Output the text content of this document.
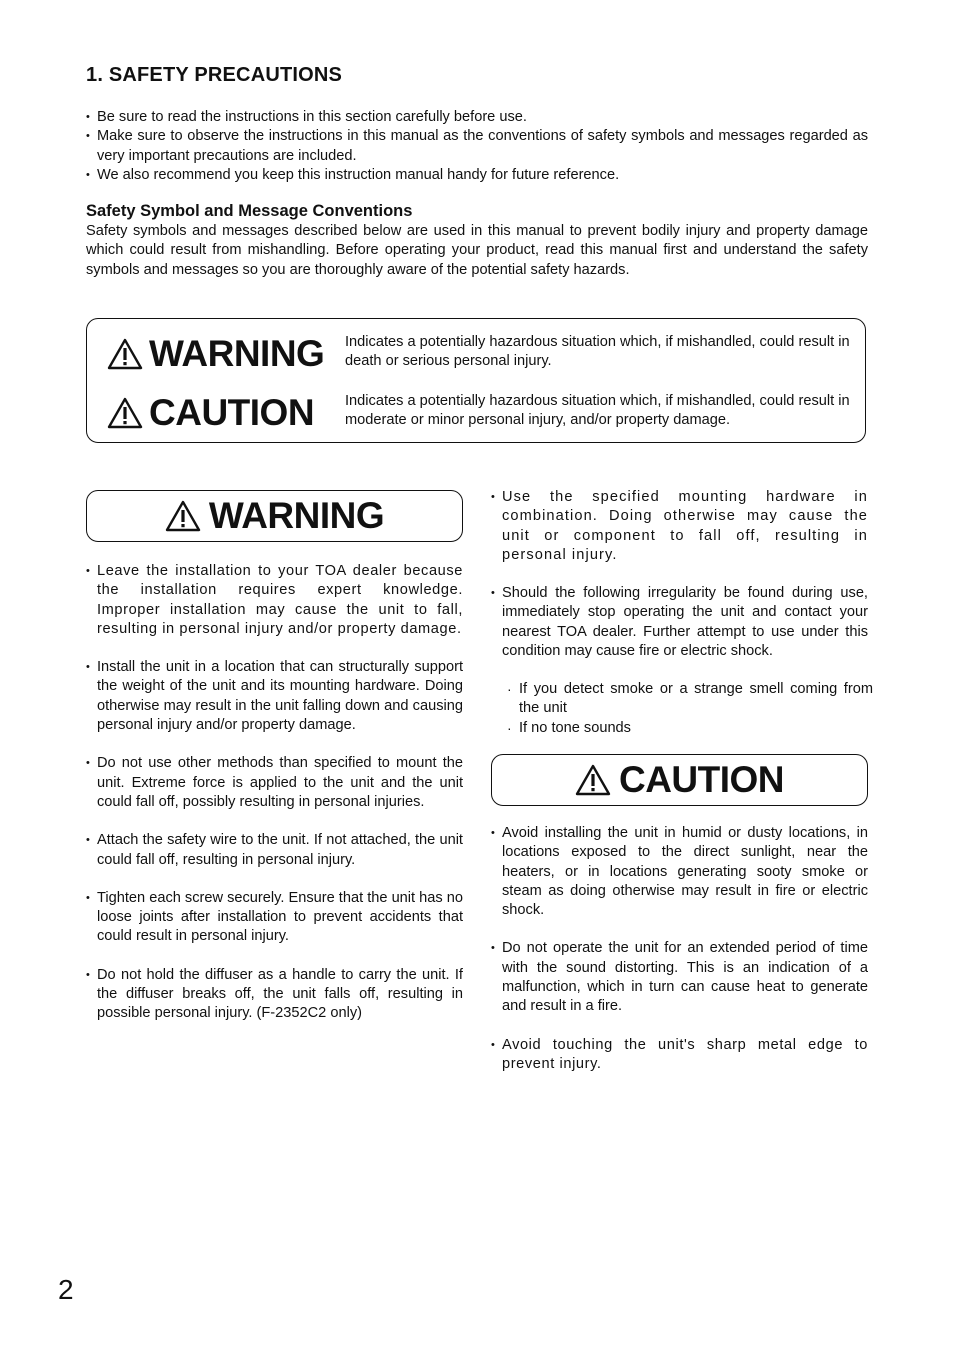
1. SAFETY PRECAUTIONS
• Be sure to read the instructions in this section carefully before use.
• Make sure to observe the instructions in this manual as the conventions of safety symbols and messages regarded as very important precautions are included.
• We also recommend you keep this instruction manual handy for future reference.
Safety Symbol and Message Conventions

Safety symbols and messages described below are used in this manual to prevent bodily injury and property damage which could result from mishandling. Before operating your product, read this manual first and understand the safety symbols and messages so you are thoroughly aware of the potential safety hazards.

WARNING Indicates a potentially hazardous situation which, if mishandled, could result in death or serious personal injury.
CAUTION Indicates a potentially hazardous situation which, if mishandled, could result in moderate or minor personal injury, and/or property damage.
WARNING
• Leave the installation to your TOA dealer because the installation requires expert knowledge. Improper installation may cause the unit to fall, resulting in personal injury and/or property damage.
• Install the unit in a location that can structurally support the weight of the unit and its mounting hardware. Doing otherwise may result in the unit falling down and causing personal injury and/or property damage.
• Do not use other methods than specified to mount the unit. Extreme force is applied to the unit and the unit could fall off, possibly resulting in personal injuries.
• Attach the safety wire to the unit. If not attached, the unit could fall off, resulting in personal injury.
• Tighten each screw securely. Ensure that the unit has no loose joints after installation to prevent accidents that could result in personal injury.
• Do not hold the diffuser as a handle to carry the unit. If the diffuser breaks off, the unit falls off, resulting in possible personal injury. (F-2352C2 only)
• Use the specified mounting hardware in combination. Doing otherwise may cause the unit or component to fall off, resulting in personal injury.
• Should the following irregularity be found during use, immediately stop operating the unit and contact your nearest TOA dealer. Further attempt to use under this condition may cause fire or electric shock.
· If you detect smoke or a strange smell coming from the unit
· If no tone sounds
CAUTION
• Avoid installing the unit in humid or dusty locations, in locations exposed to the direct sunlight, near the heaters, or in locations generating sooty smoke or steam as doing otherwise may result in fire or electric shock.
• Do not operate the unit for an extended period of time with the sound distorting. This is an indication of a malfunction, which in turn can cause heat to generate and result in a fire.
• Avoid touching the unit's sharp metal edge to prevent injury.
2
